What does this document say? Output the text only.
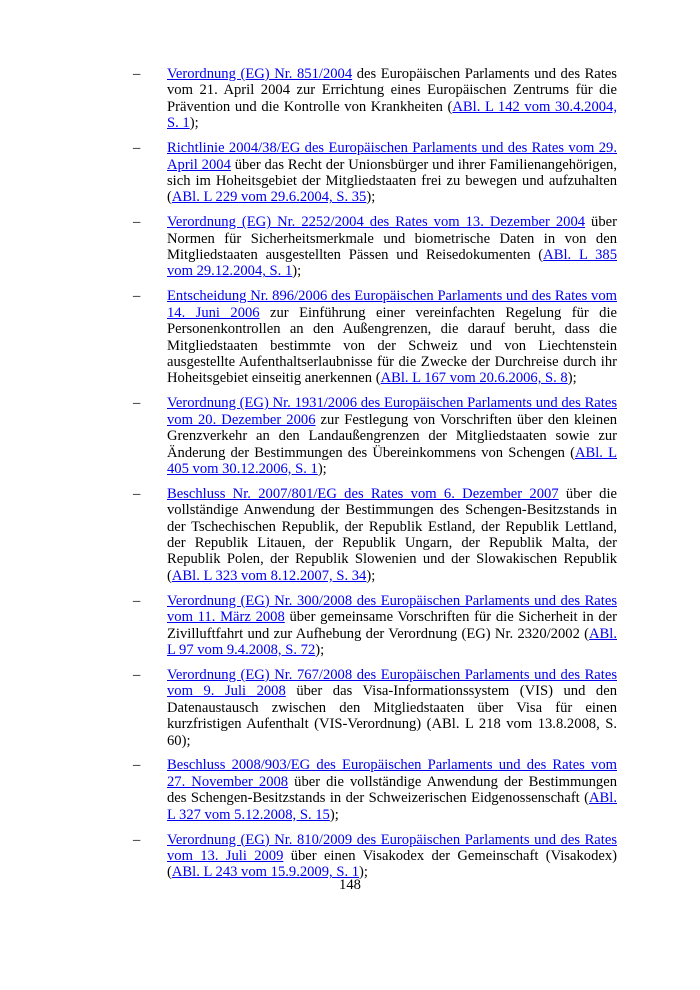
– Verordnung (EG) Nr. 851/2004 des Europäischen Parlaments und des Rates vom 21. April 2004 zur Errichtung eines Europäischen Zentrums für die Prävention und die Kontrolle von Krankheiten (ABl. L 142 vom 30.4.2004, S. 1);
– Richtlinie 2004/38/EG des Europäischen Parlaments und des Rates vom 29. April 2004 über das Recht der Unionsbürger und ihrer Familienangehörigen, sich im Hoheitsgebiet der Mitgliedstaaten frei zu bewegen und aufzuhalten (ABl. L 229 vom 29.6.2004, S. 35);
– Verordnung (EG) Nr. 2252/2004 des Rates vom 13. Dezember 2004 über Normen für Sicherheitsmerkmale und biometrische Daten in von den Mitgliedstaaten ausgestellten Pässen und Reisedokumenten (ABl. L 385 vom 29.12.2004, S. 1);
– Entscheidung Nr. 896/2006 des Europäischen Parlaments und des Rates vom 14. Juni 2006 zur Einführung einer vereinfachten Regelung für die Personenkontrollen an den Außengrenzen, die darauf beruht, dass die Mitgliedstaaten bestimmte von der Schweiz und von Liechtenstein ausgestellte Aufenthaltserlaubnisse für die Zwecke der Durchreise durch ihr Hoheitsgebiet einseitig anerkennen (ABl. L 167 vom 20.6.2006, S. 8);
– Verordnung (EG) Nr. 1931/2006 des Europäischen Parlaments und des Rates vom 20. Dezember 2006 zur Festlegung von Vorschriften über den kleinen Grenzverkehr an den Landaußengrenzen der Mitgliedstaaten sowie zur Änderung der Bestimmungen des Übereinkommens von Schengen (ABl. L 405 vom 30.12.2006, S. 1);
– Beschluss Nr. 2007/801/EG des Rates vom 6. Dezember 2007 über die vollständige Anwendung der Bestimmungen des Schengen-Besitzstands in der Tschechischen Republik, der Republik Estland, der Republik Lettland, der Republik Litauen, der Republik Ungarn, der Republik Malta, der Republik Polen, der Republik Slowenien und der Slowakischen Republik (ABl. L 323 vom 8.12.2007, S. 34);
– Verordnung (EG) Nr. 300/2008 des Europäischen Parlaments und des Rates vom 11. März 2008 über gemeinsame Vorschriften für die Sicherheit in der Zivilluftfahrt und zur Aufhebung der Verordnung (EG) Nr. 2320/2002 (ABl. L 97 vom 9.4.2008, S. 72);
– Verordnung (EG) Nr. 767/2008 des Europäischen Parlaments und des Rates vom 9. Juli 2008 über das Visa-Informationssystem (VIS) und den Datenaustausch zwischen den Mitgliedstaaten über Visa für einen kurzfristigen Aufenthalt (VIS-Verordnung) (ABl. L 218 vom 13.8.2008, S. 60);
– Beschluss 2008/903/EG des Europäischen Parlaments und des Rates vom 27. November 2008 über die vollständige Anwendung der Bestimmungen des Schengen-Besitzstands in der Schweizerischen Eidgenossenschaft (ABl. L 327 vom 5.12.2008, S. 15);
– Verordnung (EG) Nr. 810/2009 des Europäischen Parlaments und des Rates vom 13. Juli 2009 über einen Visakodex der Gemeinschaft (Visakodex) (ABl. L 243 vom 15.9.2009, S. 1);
148
